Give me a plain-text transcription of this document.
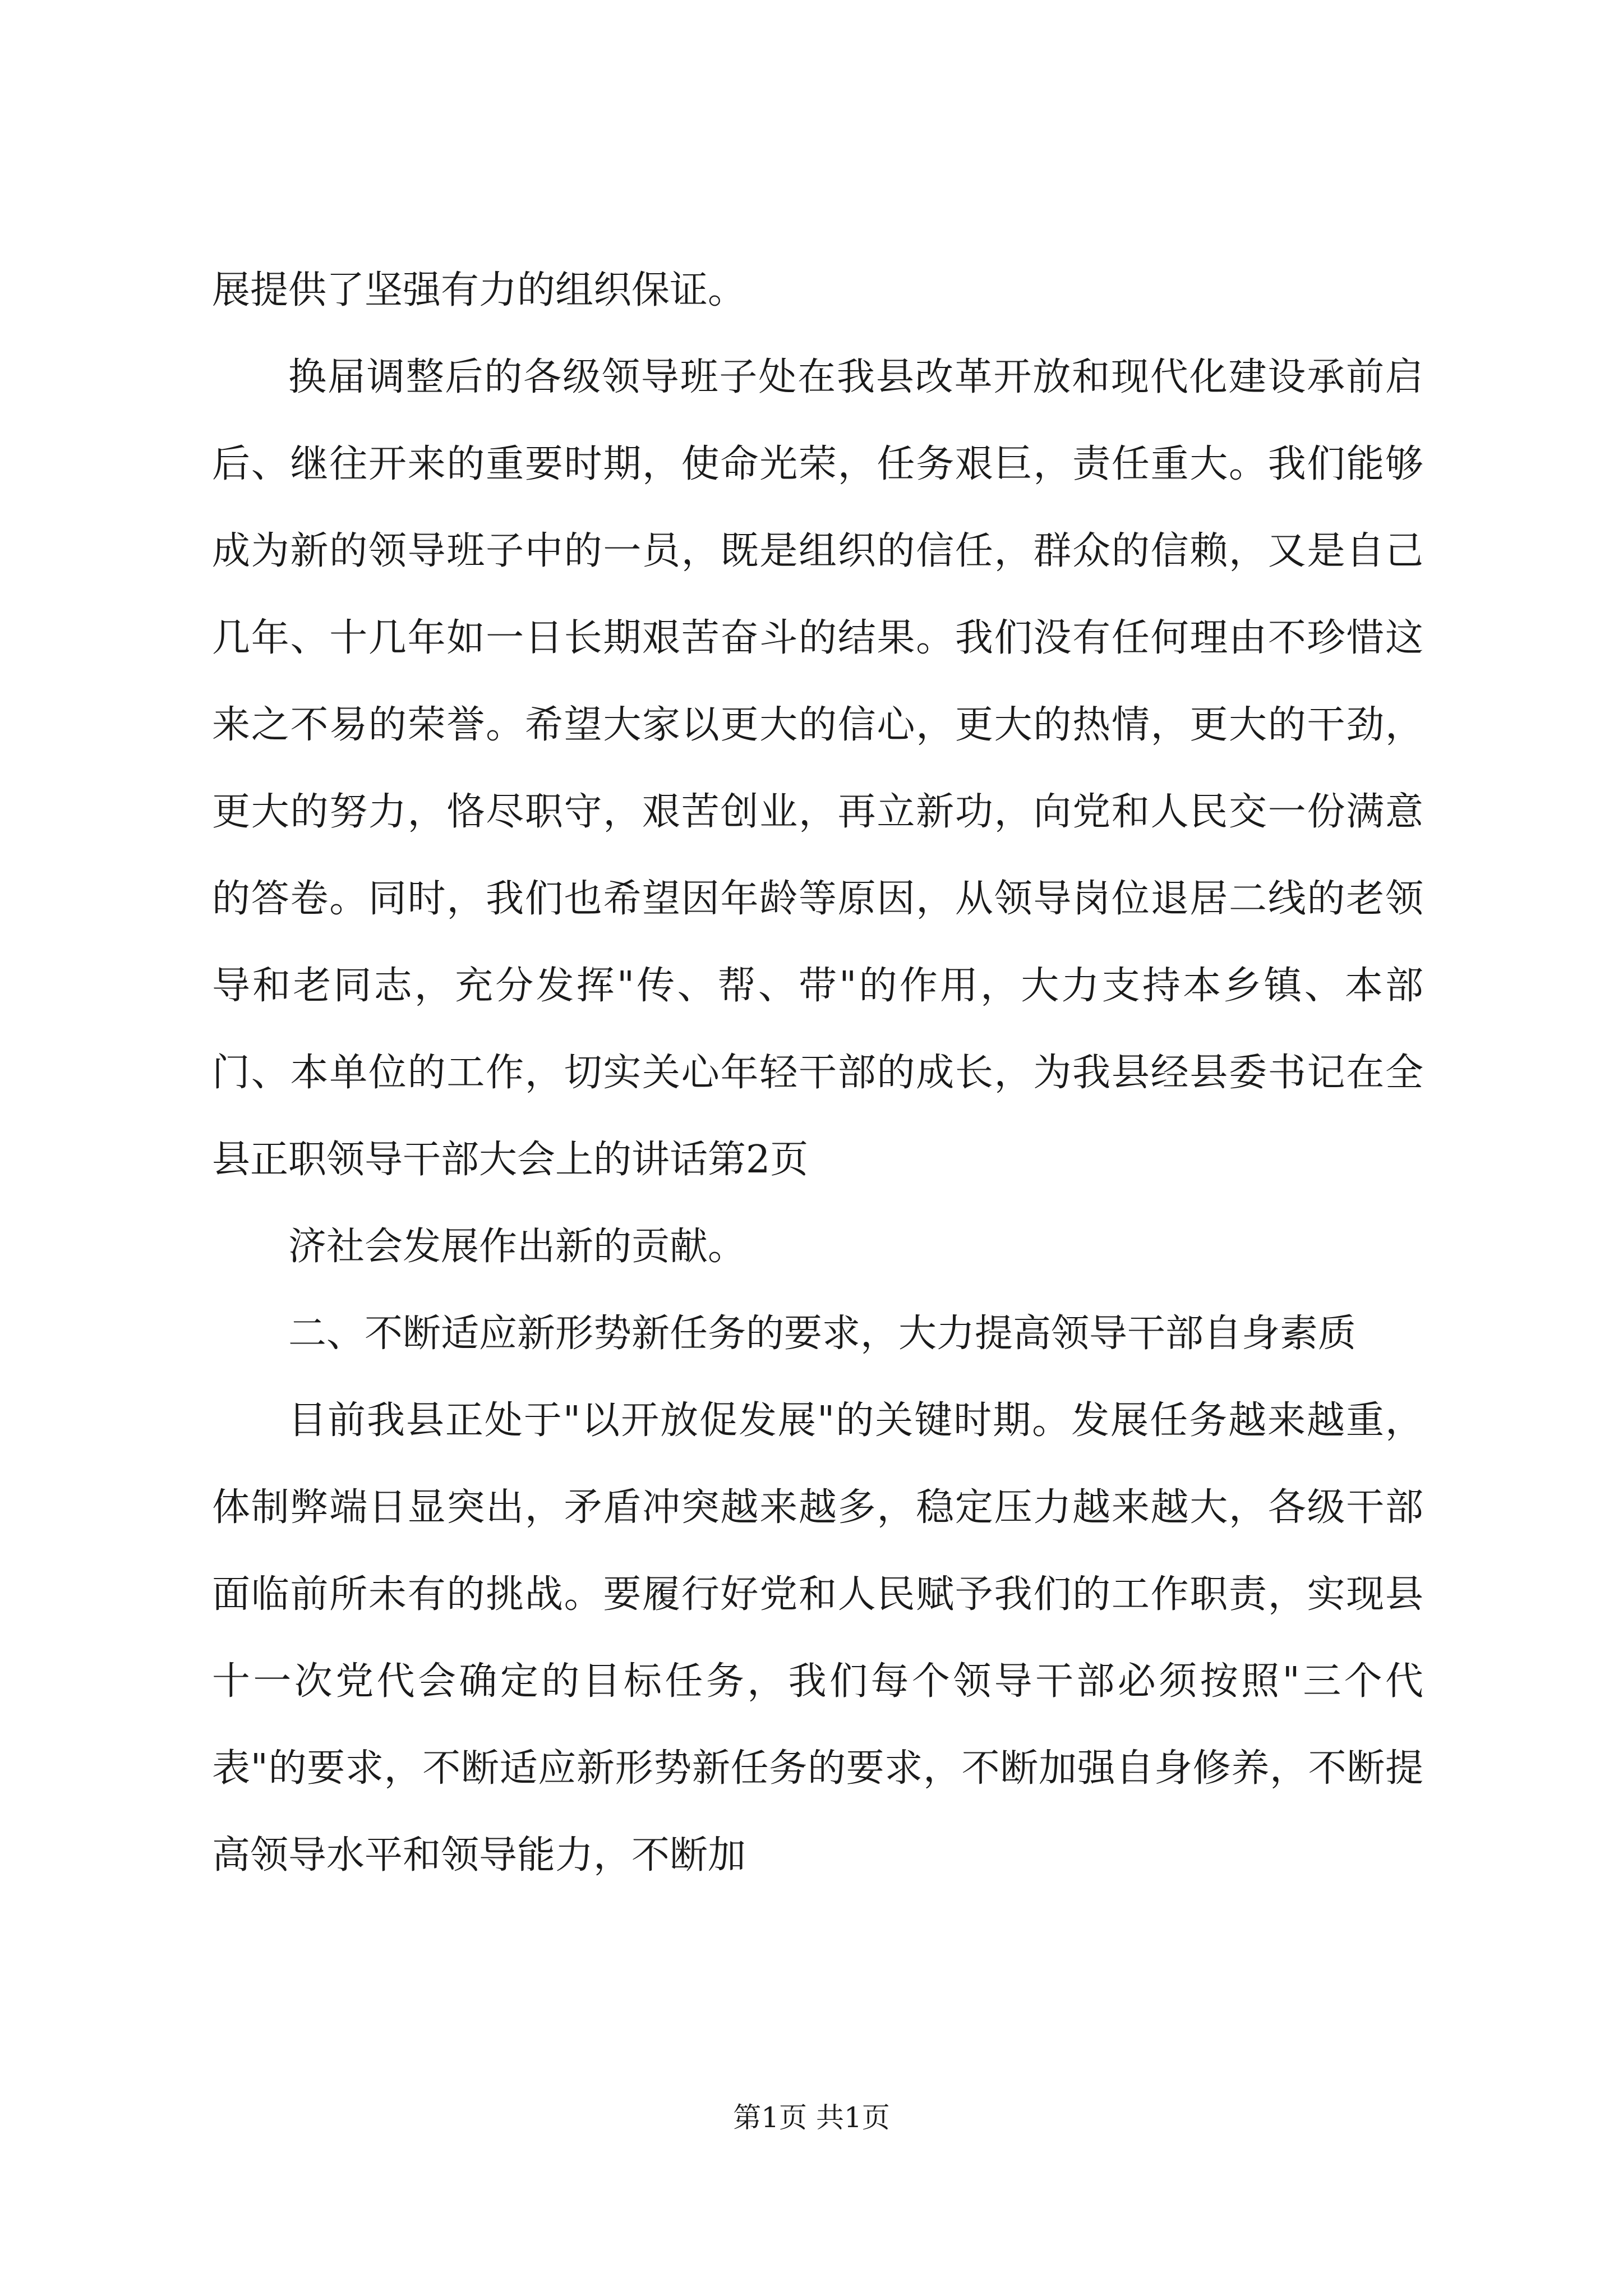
展提供了坚强有力的组织保证。

换届调整后的各级领导班子处在我县改革开放和现代化建设承前启后、继往开来的重要时期，使命光荣，任务艰巨，责任重大。我们能够成为新的领导班子中的一员，既是组织的信任，群众的信赖，又是自己几年、十几年如一日长期艰苦奋斗的结果。我们没有任何理由不珍惜这来之不易的荣誉。希望大家以更大的信心，更大的热情，更大的干劲，更大的努力，恪尽职守，艰苦创业，再立新功，向党和人民交一份满意的答卷。同时，我们也希望因年龄等原因，从领导岗位退居二线的老领导和老同志，充分发挥"传、帮、带"的作用，大力支持本乡镇、本部门、本单位的工作，切实关心年轻干部的成长，为我县经县委书记在全县正职领导干部大会上的讲话第2页

济社会发展作出新的贡献。

二、不断适应新形势新任务的要求，大力提高领导干部自身素质

目前我县正处于"以开放促发展"的关键时期。发展任务越来越重，体制弊端日显突出，矛盾冲突越来越多，稳定压力越来越大，各级干部面临前所未有的挑战。要履行好党和人民赋予我们的工作职责，实现县十一次党代会确定的目标任务，我们每个领导干部必须按照"三个代表"的要求，不断适应新形势新任务的要求，不断加强自身修养，不断提高领导水平和领导能力，不断加

第1页 共1页
